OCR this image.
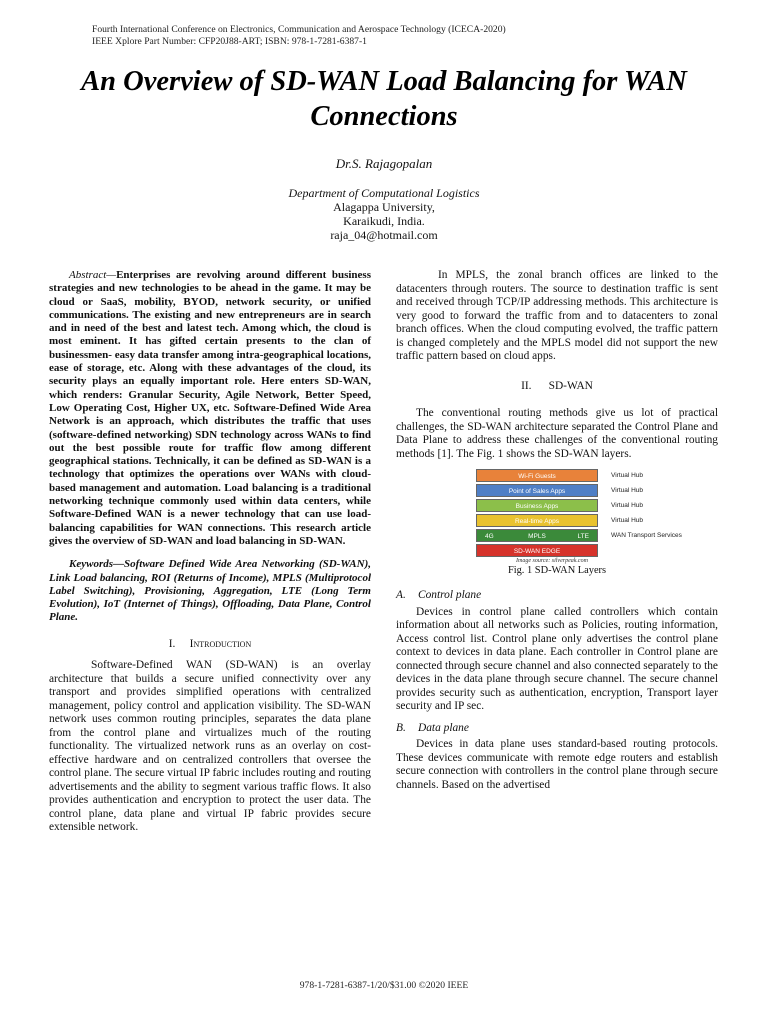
Fourth International Conference on Electronics, Communication and Aerospace Technology (ICECA-2020)
IEEE Xplore Part Number: CFP20J88-ART; ISBN: 978-1-7281-6387-1
An Overview of SD-WAN Load Balancing for WAN Connections
Dr.S. Rajagopalan
Department of Computational Logistics
Alagappa University,
Karaikudi, India.
raja_04@hotmail.com

Abstract—Enterprises are revolving around different business strategies and new technologies to be ahead in the game. It may be cloud or SaaS, mobility, BYOD, network security, or unified communications. The existing and new entrepreneurs are in search and in need of the best and latest tech. Among which, the cloud is most eminent. It has gifted certain presents to the clan of businessmen- easy data transfer among intra-geographical locations, ease of storage, etc. Along with these advantages of the cloud, its security plays an equally important role. Here enters SD-WAN, which renders: Granular Security, Agile Network, Better Speed, Low Operating Cost, Higher UX, etc. Software-Defined Wide Area Network is an approach, which distributes the traffic that uses (software-defined networking) SDN technology across WANs to find out the best possible route for traffic flow among different geographical stations. Technically, it can be defined as SD-WAN is a technology that optimizes the operations over WANs with cloud-based management and automation. Load balancing is a traditional networking technique commonly used within data centers, while Software-Defined WAN is a newer technology that can use load-balancing capabilities for WAN connections. This research article gives the overview of SD-WAN and load balancing in SD-WAN.

Keywords—Software Defined Wide Area Networking (SD-WAN), Link Load balancing, ROI (Returns of Income), MPLS (Multiprotocol Label Switching), Provisioning, Aggregation, LTE (Long Term Evolution), IoT (Internet of Things), Offloading, Data Plane, Control Plane.

I. Introduction

Software-Defined WAN (SD-WAN) is an overlay architecture that builds a secure unified connectivity over any transport and provides simplified operations with centralized management, policy control and application visibility. The SD-WAN network uses common routing principles, separates the data plane from the control plane and virtualizes much of the routing functionality. The virtualized network runs as an overlay on cost-effective hardware and on centralized controllers that oversee the control plane. The secure virtual IP fabric includes routing and routing advertisements and the ability to segment various traffic flows. It also provides authentication and encryption to protect the user data. The control plane, data plane and virtual IP fabric provides secure extensible network.

In MPLS, the zonal branch offices are linked to the datacenters through routers. The source to destination traffic is sent and received through TCP/IP addressing methods. This architecture is very good to forward the traffic from and to datacenters to zonal branch offices. When the cloud computing evolved, the traffic pattern is changed completely and the MPLS model did not support the new traffic pattern based on cloud apps.

II. SD-WAN

The conventional routing methods give us lot of practical challenges, the SD-WAN architecture separated the Control Plane and Data Plane to address these challenges of the conventional routing methods [1]. The Fig. 1 shows the SD-WAN layers.

Wi-Fi Guests	Virtual Hub
Point of Sales Apps	Virtual Hub
Business Apps	Virtual Hub
Real-time Apps	Virtual Hub
4G	MPLS	LTE	WAN Transport Services
SD-WAN EDGE
Image source: silverpeak.com
Fig. 1 SD-WAN Layers

A. Control plane

Devices in control plane called controllers which contain information about all networks such as Policies, routing information, Access control list. Control plane only advertises the control plane context to devices in data plane. Each controller in Control plane are connected through secure channel and also connected separately to the devices in the data plane through secure channel. The secure channel provides security such as authentication, encryption, Transport layer security and IP sec.

B. Data plane

Devices in data plane uses standard-based routing protocols. These devices communicate with remote edge routers and establish secure connection with controllers in the control plane through secure channels. Based on the advertised

978-1-7281-6387-1/20/$31.00 ©2020 IEEE
